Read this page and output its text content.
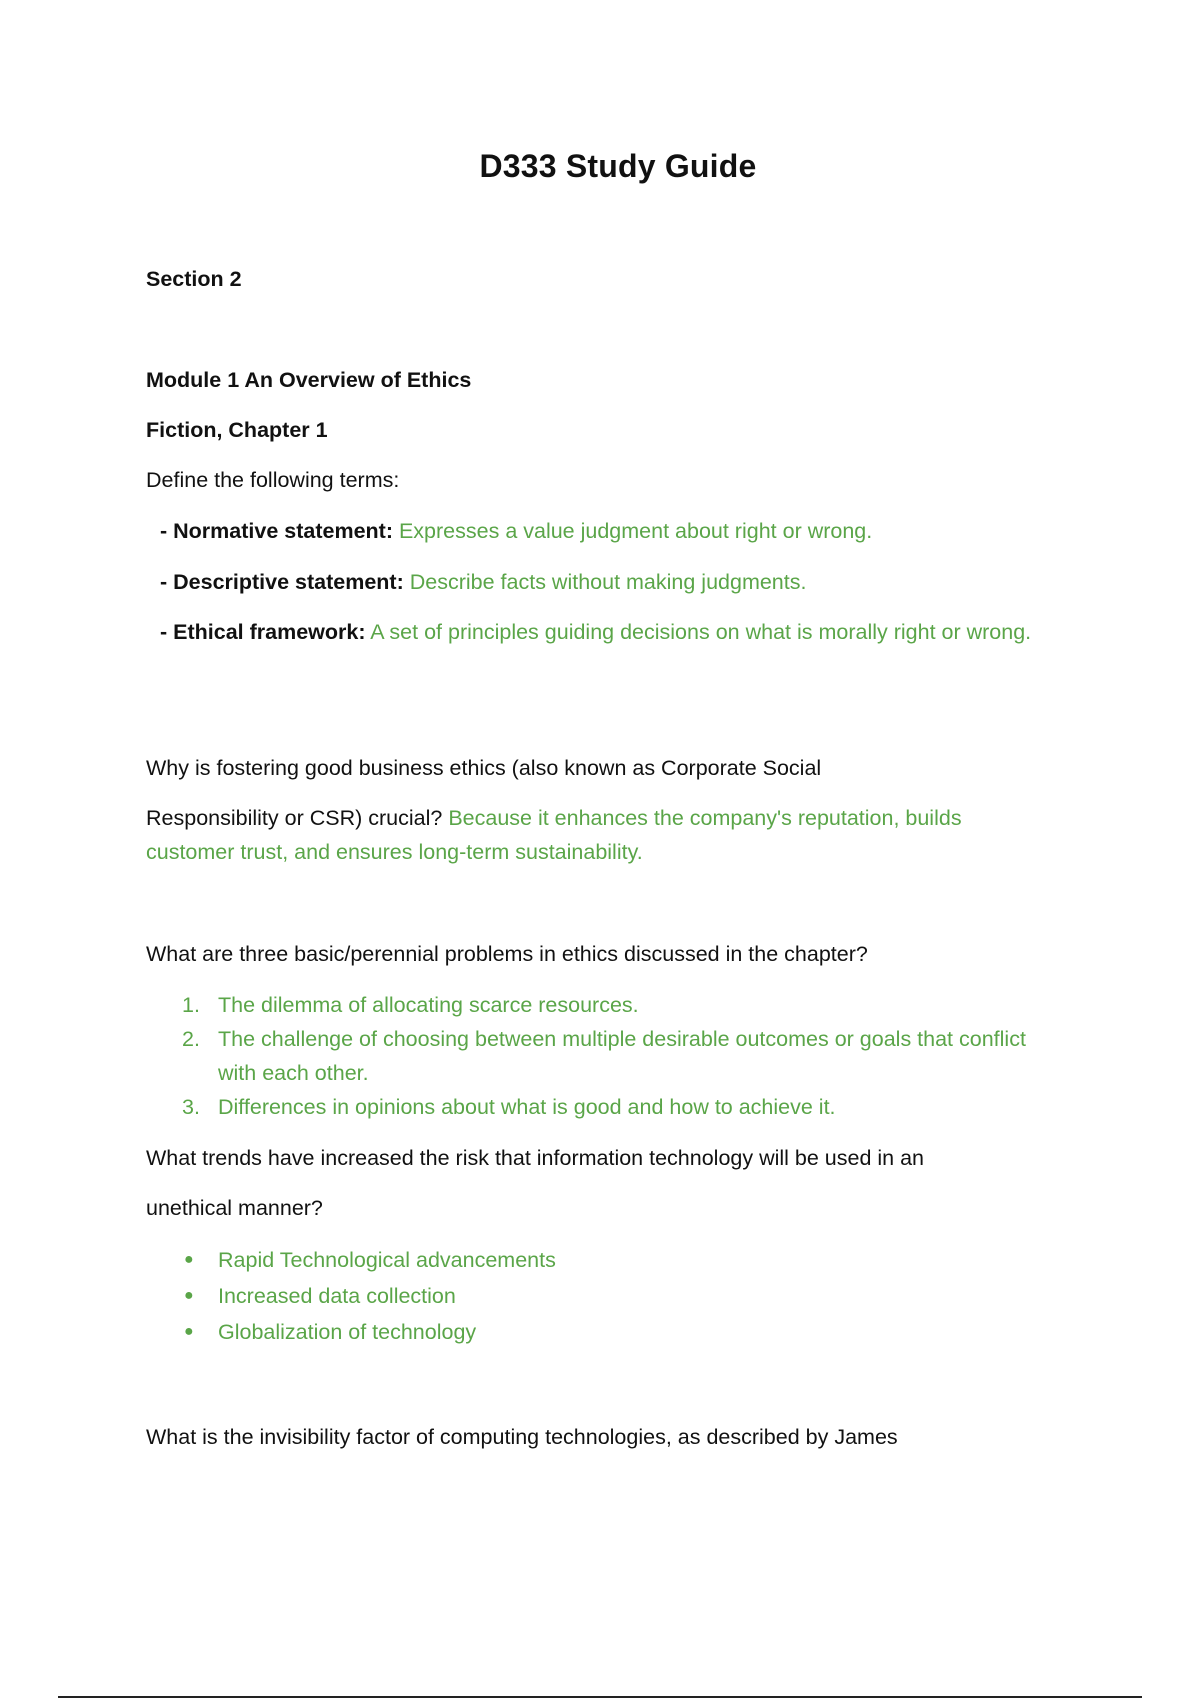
D333 Study Guide
Section 2
Module 1 An Overview of Ethics
Fiction, Chapter 1
Define the following terms:
- Normative statement: Expresses a value judgment about right or wrong.
- Descriptive statement: Describe facts without making judgments.
- Ethical framework: A set of principles guiding decisions on what is morally right or wrong.
Why is fostering good business ethics (also known as Corporate Social
Responsibility or CSR) crucial? Because it enhances the company's reputation, builds customer trust, and ensures long-term sustainability.
What are three basic/perennial problems in ethics discussed in the chapter?
1. The dilemma of allocating scarce resources.
2. The challenge of choosing between multiple desirable outcomes or goals that conflict with each other.
3. Differences in opinions about what is good and how to achieve it.
What trends have increased the risk that information technology will be used in an
unethical manner?
● Rapid Technological advancements
● Increased data collection
● Globalization of technology
What is the invisibility factor of computing technologies, as described by James
